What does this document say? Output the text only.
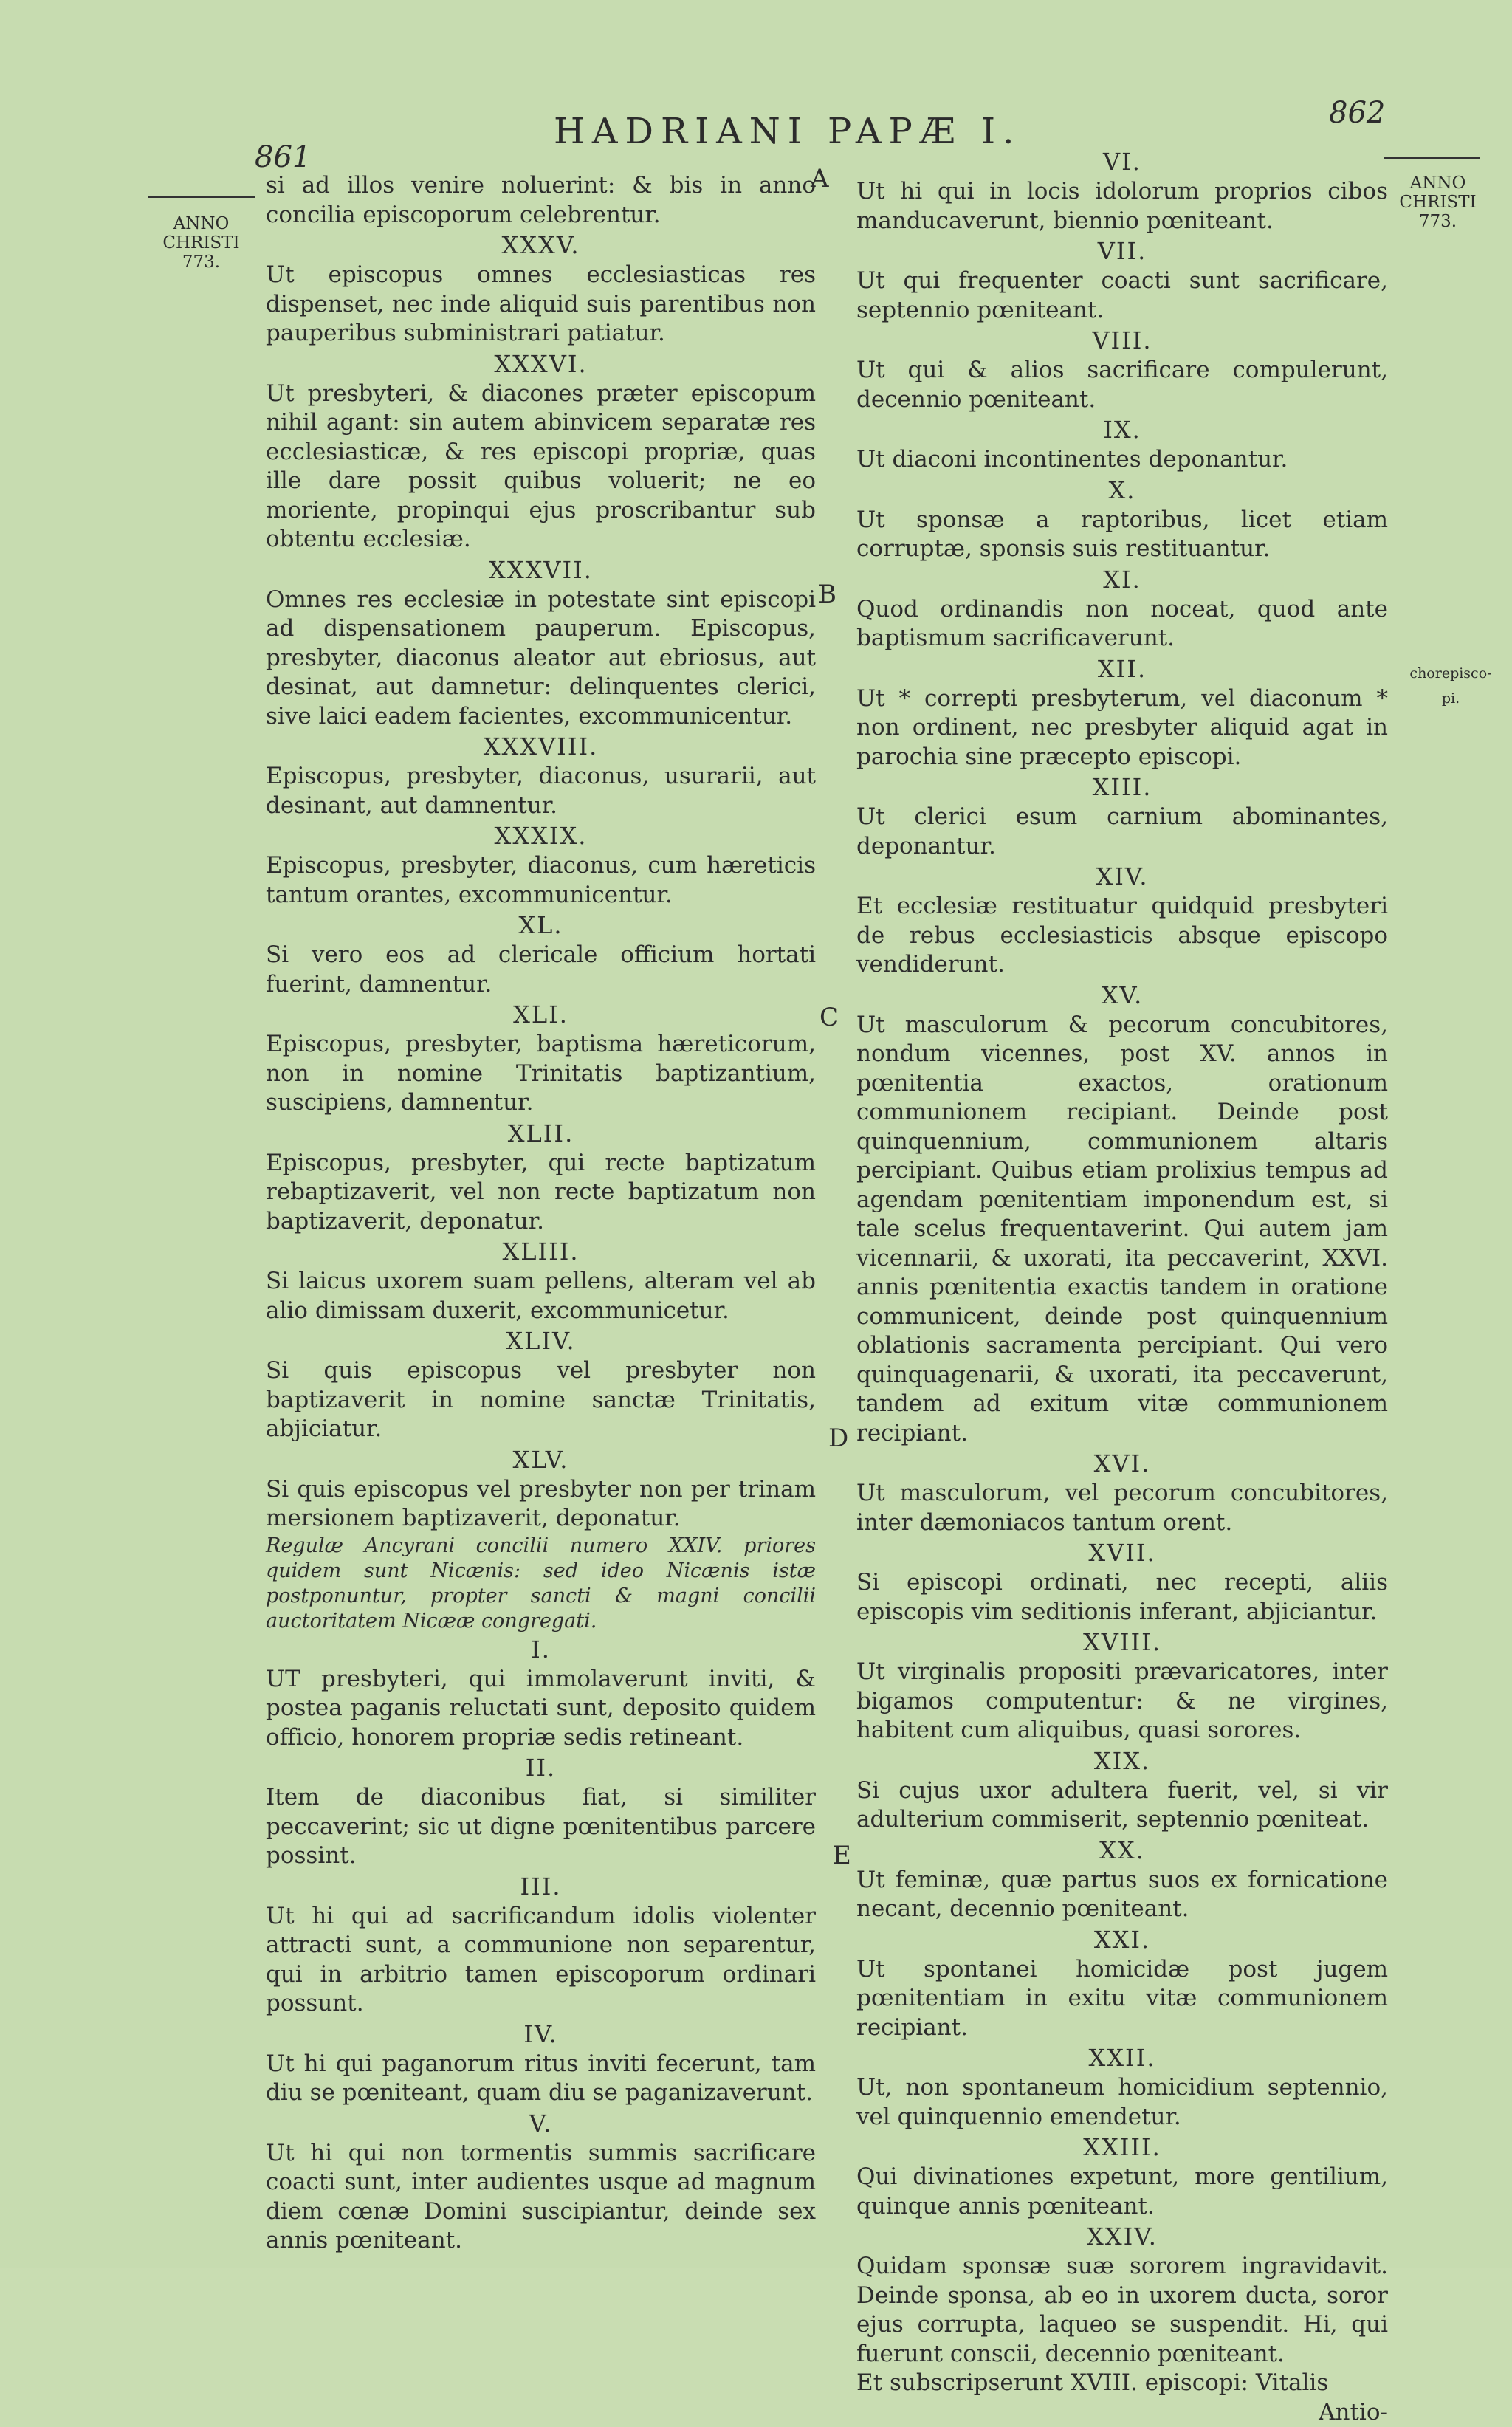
861
HADRIANI PAPÆ I.	862
ANNO
CHRISTI
773.
ANNO
CHRISTI
773.
chorepisco-
pi.
A
B
C
D
E

si ad illos venire noluerint: & bis in anno concilia episcoporum celebrentur.

XXXV.

Ut episcopus omnes ecclesiasticas res dispenset, nec inde aliquid suis parentibus non pauperibus subministrari patiatur.

XXXVI.

Ut presbyteri, & diacones præter episcopum nihil agant: sin autem abinvicem separatæ res ecclesiasticæ, & res episcopi propriæ, quas ille dare possit quibus voluerit; ne eo moriente, propinqui ejus proscribantur sub obtentu ecclesiæ.

XXXVII.

Omnes res ecclesiæ in potestate sint episcopi ad dispensationem pauperum. Episcopus, presbyter, diaconus aleator aut ebriosus, aut desinat, aut damnetur: delinquentes clerici, sive laici eadem facientes, excommunicentur.

XXXVIII.

Episcopus, presbyter, diaconus, usurarii, aut desinant, aut damnentur.

XXXIX.

Episcopus, presbyter, diaconus, cum hæreticis tantum orantes, excommunicentur.

XL.

Si vero eos ad clericale officium hortati fuerint, damnentur.

XLI.

Episcopus, presbyter, baptisma hæreticorum, non in nomine Trinitatis baptizantium, suscipiens, damnentur.

XLII.

Episcopus, presbyter, qui recte baptizatum rebaptizaverit, vel non recte baptizatum non baptizaverit, deponatur.

XLIII.

Si laicus uxorem suam pellens, alteram vel ab alio dimissam duxerit, excommunicetur.

XLIV.

Si quis episcopus vel presbyter non baptizaverit in nomine sanctæ Trinitatis, abjiciatur.

XLV.

Si quis episcopus vel presbyter non per trinam mersionem baptizaverit, deponatur.

Regulæ Ancyrani concilii numero XXIV. priores quidem sunt Nicænis: sed ideo Nicænis istæ postponuntur, propter sancti & magni concilii auctoritatem Nicææ congregati.

I.

UT presbyteri, qui immolaverunt inviti, & postea paganis reluctati sunt, deposito quidem officio, honorem propriæ sedis retineant.

II.

Item de diaconibus fiat, si similiter peccaverint; sic ut digne pœnitentibus parcere possint.

III.

Ut hi qui ad sacrificandum idolis violenter attracti sunt, a communione non separentur, qui in arbitrio tamen episcoporum ordinari possunt.

IV.

Ut hi qui paganorum ritus inviti fecerunt, tam diu se pœniteant, quam diu se paganizaverunt.

V.

Ut hi qui non tormentis summis sacrificare coacti sunt, inter audientes usque ad magnum diem cœnæ Domini suscipiantur, deinde sex annis pœniteant.

VI.

Ut hi qui in locis idolorum proprios cibos manducaverunt, biennio pœniteant.

VII.

Ut qui frequenter coacti sunt sacrificare, septennio pœniteant.

VIII.

Ut qui & alios sacrificare compulerunt, decennio pœniteant.

IX.

Ut diaconi incontinentes deponantur.

X.

Ut sponsæ a raptoribus, licet etiam corruptæ, sponsis suis restituantur.

XI.

Quod ordinandis non noceat, quod ante baptismum sacrificaverunt.

XII.

Ut * correpti presbyterum, vel diaconum * non ordinent, nec presbyter aliquid agat in parochia sine præcepto episcopi.

XIII.

Ut clerici esum carnium abominantes, deponantur.

XIV.

Et ecclesiæ restituatur quidquid presbyteri de rebus ecclesiasticis absque episcopo vendiderunt.

XV.

Ut masculorum & pecorum concubitores, nondum vicennes, post XV. annos in pœnitentia exactos, orationum communionem recipiant. Deinde post quinquennium, communionem altaris percipiant. Quibus etiam prolixius tempus ad agendam pœnitentiam imponendum est, si tale scelus frequentaverint. Qui autem jam vicennarii, & uxorati, ita peccaverint, XXVI. annis pœnitentia exactis tandem in oratione communicent, deinde post quinquennium oblationis sacramenta percipiant. Qui vero quinquagenarii, & uxorati, ita peccaverunt, tandem ad exitum vitæ communionem recipiant.

XVI.

Ut masculorum, vel pecorum concubitores, inter dæmoniacos tantum orent.

XVII.

Si episcopi ordinati, nec recepti, aliis episcopis vim seditionis inferant, abjiciantur.

XVIII.

Ut virginalis propositi prævaricatores, inter bigamos computentur: & ne virgines, habitent cum aliquibus, quasi sorores.

XIX.

Si cujus uxor adultera fuerit, vel, si vir adulterium commiserit, septennio pœniteat.

XX.

Ut feminæ, quæ partus suos ex fornicatione necant, decennio pœniteant.

XXI.

Ut spontanei homicidæ post jugem pœnitentiam in exitu vitæ communionem recipiant.

XXII.

Ut, non spontaneum homicidium septennio, vel quinquennio emendetur.

XXIII.

Qui divinationes expetunt, more gentilium, quinque annis pœniteant.

XXIV.

Quidam sponsæ suæ sororem ingravidavit. Deinde sponsa, ab eo in uxorem ducta, soror ejus corrupta, laqueo se suspendit. Hi, qui fuerunt conscii, decennio pœniteant.

Et subscripserunt XVIII. episcopi: Vitalis

Antio-
